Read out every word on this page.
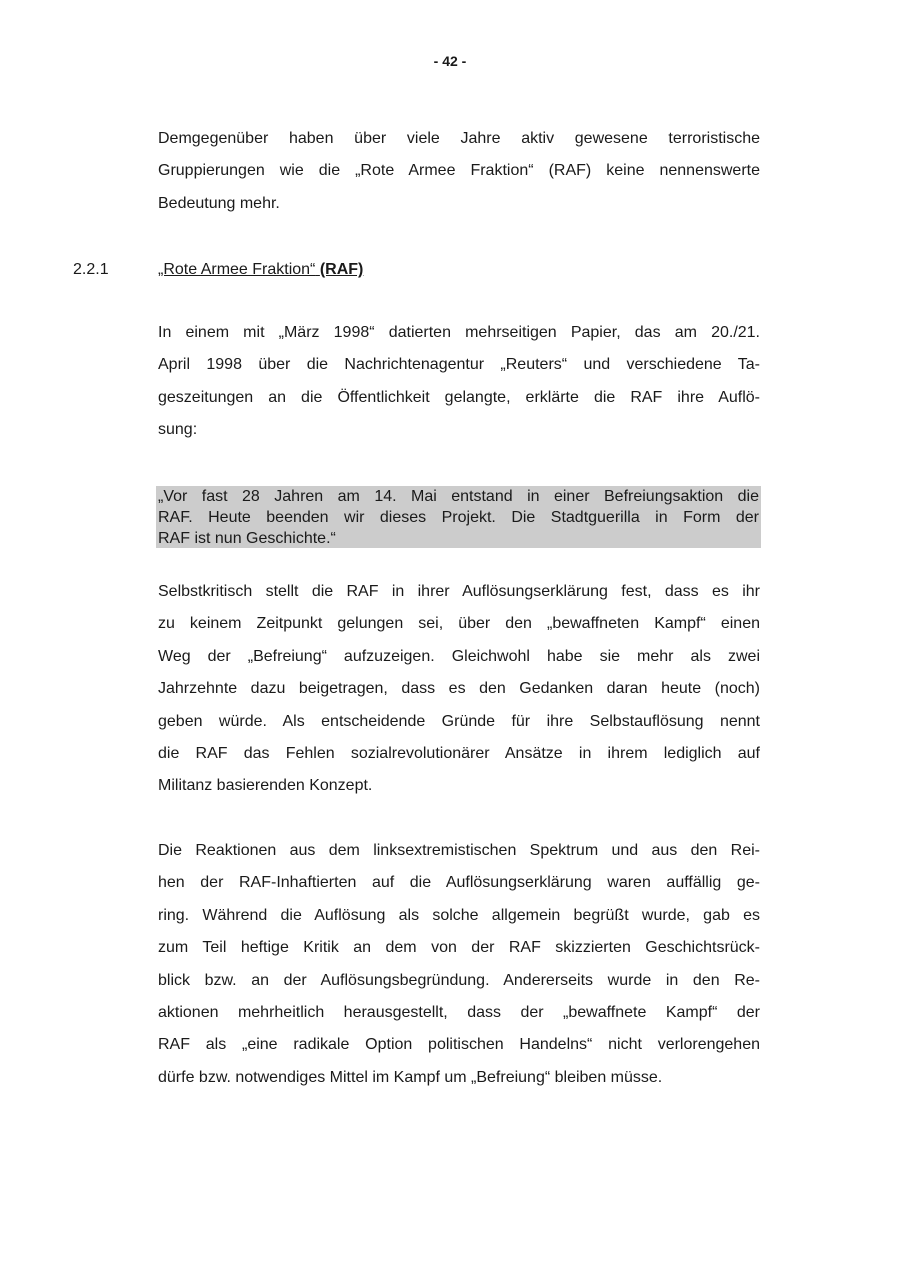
- 42 -
Demgegenüber haben über viele Jahre aktiv gewesene terroristische
Gruppierungen wie die „Rote Armee Fraktion“ (RAF) keine nennenswerte
Bedeutung mehr.
2.2.1	„Rote Armee Fraktion“ (RAF)
In einem mit „März 1998“ datierten mehrseitigen Papier, das am 20./21.
April 1998 über die Nachrichtenagentur „Reuters“ und verschiedene Ta-
geszeitungen an die Öffentlichkeit gelangte, erklärte die RAF ihre Auflö-
sung:
„Vor fast 28 Jahren am 14. Mai entstand in einer Befreiungsaktion die
RAF. Heute beenden wir dieses Projekt. Die Stadtguerilla in Form der
RAF ist nun Geschichte.“
Selbstkritisch stellt die RAF in ihrer Auflösungserklärung fest, dass es ihr
zu keinem Zeitpunkt gelungen sei, über den „bewaffneten Kampf“ einen
Weg der „Befreiung“ aufzuzeigen. Gleichwohl habe sie mehr als zwei
Jahrzehnte dazu beigetragen, dass es den Gedanken daran heute (noch)
geben würde. Als entscheidende Gründe für ihre Selbstauflösung nennt
die RAF das Fehlen sozialrevolutionärer Ansätze in ihrem lediglich auf
Militanz basierenden Konzept.
Die Reaktionen aus dem linksextremistischen Spektrum und aus den Rei-
hen der RAF-Inhaftierten auf die Auflösungserklärung waren auffällig ge-
ring. Während die Auflösung als solche allgemein begrüßt wurde, gab es
zum Teil heftige Kritik an dem von der RAF skizzierten Geschichtsrück-
blick bzw. an der Auflösungsbegründung. Andererseits wurde in den Re-
aktionen mehrheitlich herausgestellt, dass der „bewaffnete Kampf“ der
RAF als „eine radikale Option politischen Handelns“ nicht verlorengehen
dürfe bzw. notwendiges Mittel im Kampf um „Befreiung“ bleiben müsse.
